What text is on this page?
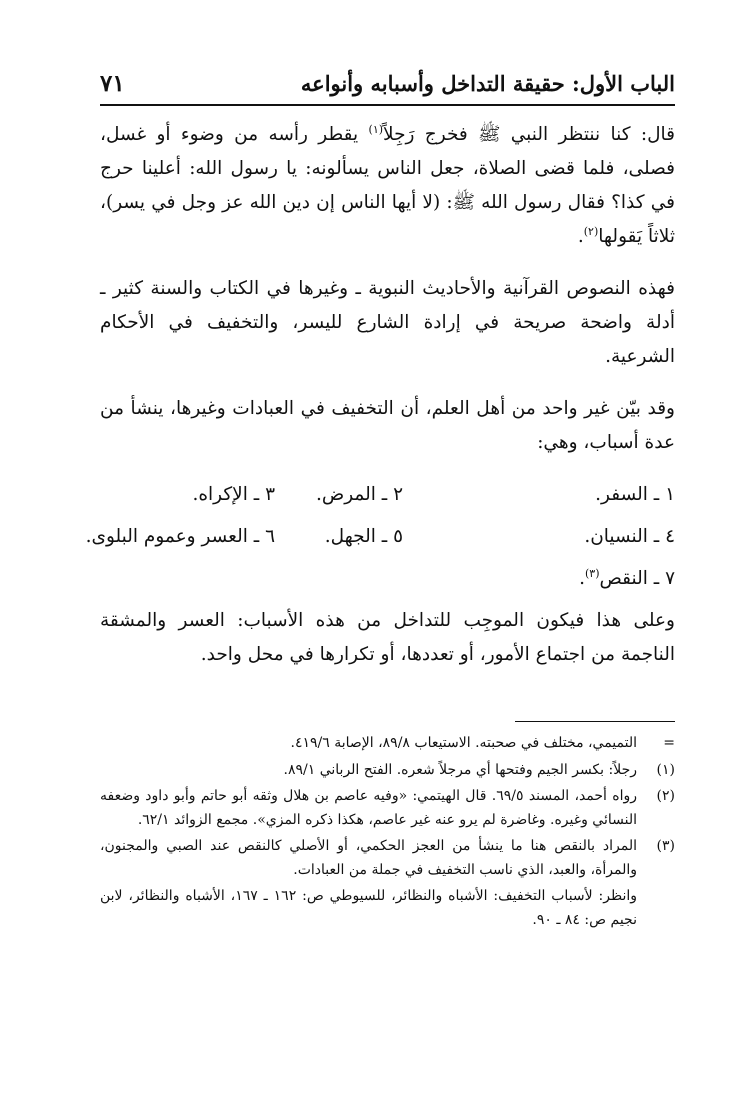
الباب الأول: حقيقة التداخل وأسبابه وأنواعه
٧١

قال: كنا ننتظر النبي ﷺ فخرج رَجِلاً$^{(١)}$ يقطر رأسه من وضوء أو غسل، فصلى، فلما قضى الصلاة، جعل الناس يسألونه: يا رسول الله: أعلينا حرج في كذا؟ فقال رسول الله ﷺ: (لا أيها الناس إن دين الله عز وجل في يسر)، ثلاثاً يَقولها$^{(٢)}$.

فهذه النصوص القرآنية والأحاديث النبوية ـ وغيرها في الكتاب والسنة كثير ـ أدلة واضحة صريحة في إرادة الشارع لليسر، والتخفيف في الأحكام الشرعية.

وقد بيّن غير واحد من أهل العلم، أن التخفيف في العبادات وغيرها، ينشأ من عدة أسباب، وهي:

١ ـ السفر.
٢ ـ المرض.
٣ ـ الإكراه.
٤ ـ النسيان.
٥ ـ الجهل.
٦ ـ العسر وعموم البلوى.
٧ ـ النقص$^{(٣)}$.

وعلى هذا فيكون الموجِب للتداخل من هذه الأسباب: العسر والمشقة الناجمة من اجتماع الأمور، أو تعددها، أو تكرارها في محل واحد.

=
التميمي، مختلف في صحبته. الاستيعاب ٨٩/٨، الإصابة ٤١٩/٦.
(١)
رجلاً: بكسر الجيم وفتحها أي مرجلاً شعره. الفتح الرباني ٨٩/١.
(٢)
رواه أحمد، المسند ٦٩/٥. قال الهيتمي: «وفيه عاصم بن هلال وثقه أبو حاتم وأبو داود وضعفه النسائي وغيره. وغاضرة لم يرو عنه غير عاصم، هكذا ذكره المزي». مجمع الزوائد ٦٢/١.
(٣)
المراد بالنقص هنا ما ينشأ من العجز الحكمي، أو الأصلي كالنقص عند الصبي والمجنون، والمرأة، والعبد، الذي ناسب التخفيف في جملة من العبادات.
وانظر: لأسباب التخفيف: الأشباه والنظائر، للسيوطي ص: ١٦٢ ـ ١٦٧، الأشباه والنظائر، لابن نجيم ص: ٨٤ ـ ٩٠.
